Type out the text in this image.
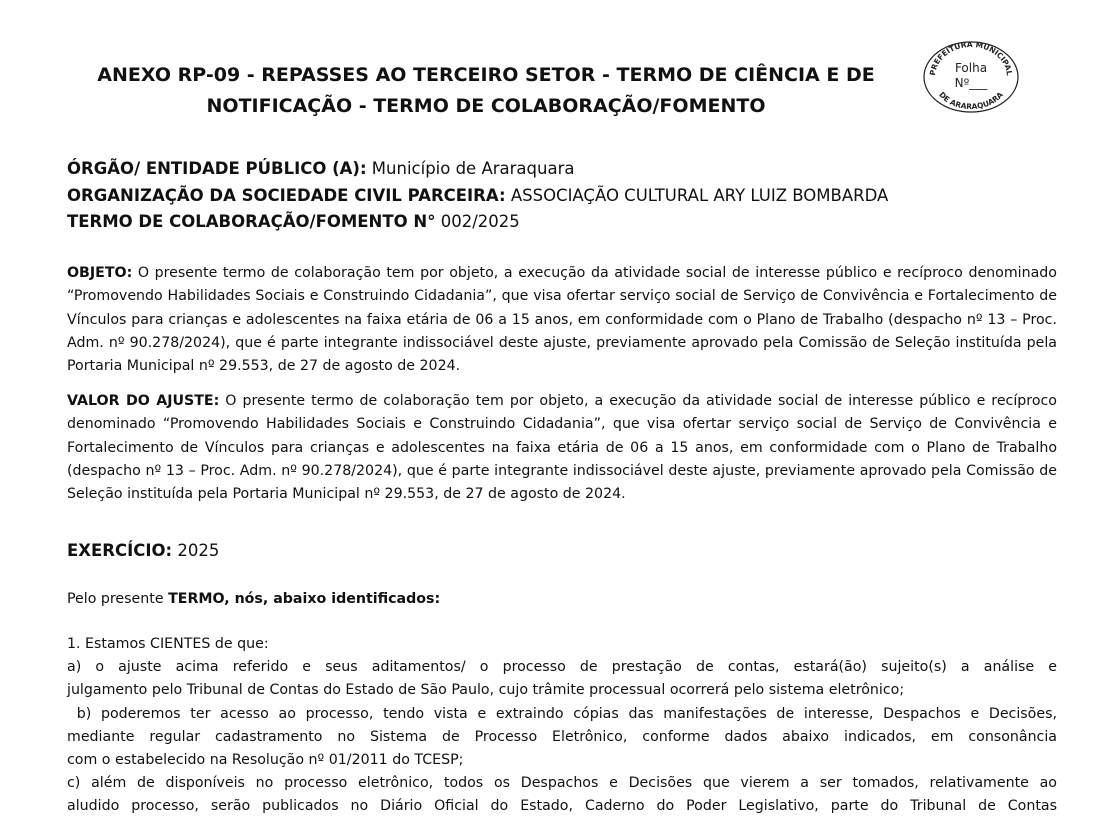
ANEXO RP-09 - REPASSES AO TERCEIRO SETOR - TERMO DE CIÊNCIA E DE
NOTIFICAÇÃO - TERMO DE COLABORAÇÃO/FOMENTO
PREFEITURA MUNICIPAL
DE ARARAQUARA
Folha
Nº___
ÓRGÃO/ ENTIDADE PÚBLICO (A): Município de Araraquara
ORGANIZAÇÃO DA SOCIEDADE CIVIL PARCEIRA: ASSOCIAÇÃO CULTURAL ARY LUIZ BOMBARDA
TERMO DE COLABORAÇÃO/FOMENTO N° 002/2025
OBJETO: O presente termo de colaboração tem por objeto, a execução da atividade social de interesse público e recíproco denominado “Promovendo Habilidades Sociais e Construindo Cidadania”, que visa ofertar serviço social de Serviço de Convivência e Fortalecimento de Vínculos para crianças e adolescentes na faixa etária de 06 a 15 anos, em conformidade com o Plano de Trabalho (despacho nº 13 – Proc. Adm. nº 90.278/2024), que é parte integrante indissociável deste ajuste, previamente aprovado pela Comissão de Seleção instituída pela Portaria Municipal nº 29.553, de 27 de agosto de 2024.
VALOR DO AJUSTE: O presente termo de colaboração tem por objeto, a execução da atividade social de interesse público e recíproco denominado “Promovendo Habilidades Sociais e Construindo Cidadania”, que visa ofertar serviço social de Serviço de Convivência e Fortalecimento de Vínculos para crianças e adolescentes na faixa etária de 06 a 15 anos, em conformidade com o Plano de Trabalho (despacho nº 13 – Proc. Adm. nº 90.278/2024), que é parte integrante indissociável deste ajuste, previamente aprovado pela Comissão de Seleção instituída pela Portaria Municipal nº 29.553, de 27 de agosto de 2024.
EXERCÍCIO: 2025
Pelo presente TERMO, nós, abaixo identificados:
1. Estamos CIENTES de que:
a) o ajuste acima referido e seus aditamentos/ o processo de prestação de contas, estará(ão) sujeito(s) a análise e
julgamento pelo Tribunal de Contas do Estado de São Paulo, cujo trâmite processual ocorrerá pelo sistema eletrônico;
b) poderemos ter acesso ao processo, tendo vista e extraindo cópias das manifestações de interesse, Despachos e Decisões,
mediante regular cadastramento no Sistema de Processo Eletrônico, conforme dados abaixo indicados, em consonância
com o estabelecido na Resolução nº 01/2011 do TCESP;
c) além de disponíveis no processo eletrônico, todos os Despachos e Decisões que vierem a ser tomados, relativamente ao
aludido processo, serão publicados no Diário Oficial do Estado, Caderno do Poder Legislativo, parte do Tribunal de Contas
